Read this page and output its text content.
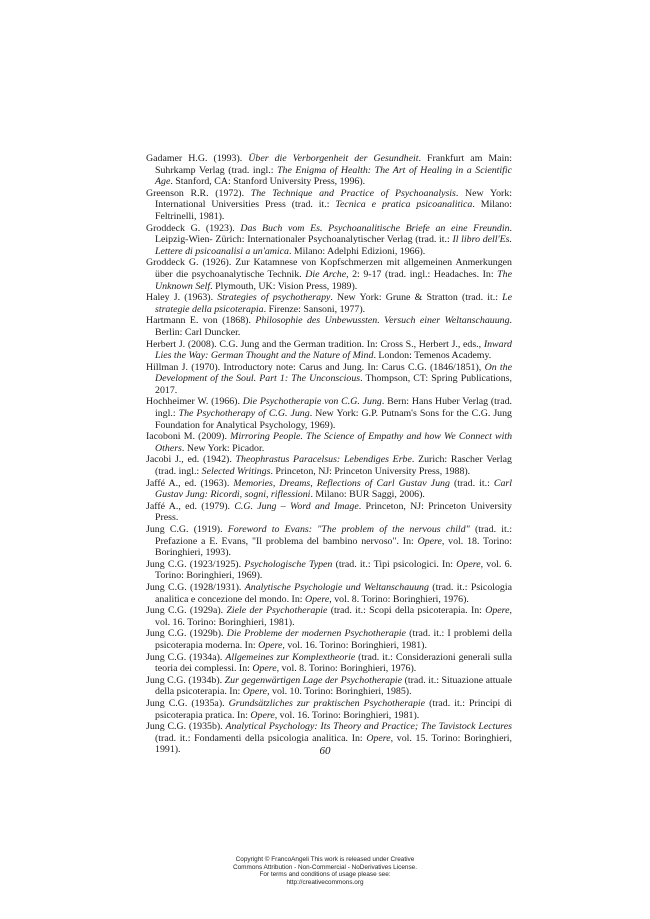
Gadamer H.G. (1993). Über die Verborgenheit der Gesundheit. Frankfurt am Main: Suhrkamp Verlag (trad. ingl.: The Enigma of Health: The Art of Healing in a Scientific Age. Stanford, CA: Stanford University Press, 1996).

Greenson R.R. (1972). The Technique and Practice of Psychoanalysis. New York: International Universities Press (trad. it.: Tecnica e pratica psicoanalitica. Milano: Feltrinelli, 1981).

Groddeck G. (1923). Das Buch vom Es. Psychoanalitische Briefe an eine Freundin. Leipzig-Wien- Zürich: Internationaler Psychoanalytischer Verlag (trad. it.: Il libro dell'Es. Lettere di psicoanalisi a un'amica. Milano: Adelphi Edizioni, 1966).

Groddeck G. (1926). Zur Katamnese von Kopfschmerzen mit allgemeinen Anmerkungen über die psychoanalytische Technik. Die Arche, 2: 9-17 (trad. ingl.: Headaches. In: The Unknown Self. Plymouth, UK: Vision Press, 1989).

Haley J. (1963). Strategies of psychotherapy. New York: Grune & Stratton (trad. it.: Le strategie della psicoterapia. Firenze: Sansoni, 1977).

Hartmann E. von (1868). Philosophie des Unbewussten. Versuch einer Weltanschauung. Berlin: Carl Duncker.

Herbert J. (2008). C.G. Jung and the German tradition. In: Cross S., Herbert J., eds., Inward Lies the Way: German Thought and the Nature of Mind. London: Temenos Academy.

Hillman J. (1970). Introductory note: Carus and Jung. In: Carus C.G. (1846/1851), On the Development of the Soul. Part 1: The Unconscious. Thompson, CT: Spring Publications, 2017.

Hochheimer W. (1966). Die Psychotherapie von C.G. Jung. Bern: Hans Huber Verlag (trad. ingl.: The Psychotherapy of C.G. Jung. New York: G.P. Putnam's Sons for the C.G. Jung Foundation for Analytical Psychology, 1969).

Iacoboni M. (2009). Mirroring People. The Science of Empathy and how We Connect with Others. New York: Picador.

Jacobi J., ed. (1942). Theophrastus Paracelsus: Lebendiges Erbe. Zurich: Rascher Verlag (trad. ingl.: Selected Writings. Princeton, NJ: Princeton University Press, 1988).

Jaffé A., ed. (1963). Memories, Dreams, Reflections of Carl Gustav Jung (trad. it.: Carl Gustav Jung: Ricordi, sogni, riflessioni. Milano: BUR Saggi, 2006).

Jaffé A., ed. (1979). C.G. Jung – Word and Image. Princeton, NJ: Princeton University Press.

Jung C.G. (1919). Foreword to Evans: "The problem of the nervous child" (trad. it.: Prefazione a E. Evans, "Il problema del bambino nervoso". In: Opere, vol. 18. Torino: Boringhieri, 1993).

Jung C.G. (1923/1925). Psychologische Typen (trad. it.: Tipi psicologici. In: Opere, vol. 6. Torino: Boringhieri, 1969).

Jung C.G. (1928/1931). Analytische Psychologie und Weltanschauung (trad. it.: Psicologia analitica e concezione del mondo. In: Opere, vol. 8. Torino: Boringhieri, 1976).

Jung C.G. (1929a). Ziele der Psychotherapie (trad. it.: Scopi della psicoterapia. In: Opere, vol. 16. Torino: Boringhieri, 1981).

Jung C.G. (1929b). Die Probleme der modernen Psychotherapie (trad. it.: I problemi della psicoterapia moderna. In: Opere, vol. 16. Torino: Boringhieri, 1981).

Jung C.G. (1934a). Allgemeines zur Komplextheorie (trad. it.: Considerazioni generali sulla teoria dei complessi. In: Opere, vol. 8. Torino: Boringhieri, 1976).

Jung C.G. (1934b). Zur gegenwärtigen Lage der Psychotherapie (trad. it.: Situazione attuale della psicoterapia. In: Opere, vol. 10. Torino: Boringhieri, 1985).

Jung C.G. (1935a). Grundsätzliches zur praktischen Psychotherapie (trad. it.: Principi di psicoterapia pratica. In: Opere, vol. 16. Torino: Boringhieri, 1981).

Jung C.G. (1935b). Analytical Psychology: Its Theory and Practice; The Tavistock Lectures (trad. it.: Fondamenti della psicologia analitica. In: Opere, vol. 15. Torino: Boringhieri, 1991).	60
Copyright © FrancoAngeli This work is released under Creative
Commons Attribution - Non-Commercial - NoDerivatives License.
For terms and conditions of usage please see:
http://creativecommons.org
